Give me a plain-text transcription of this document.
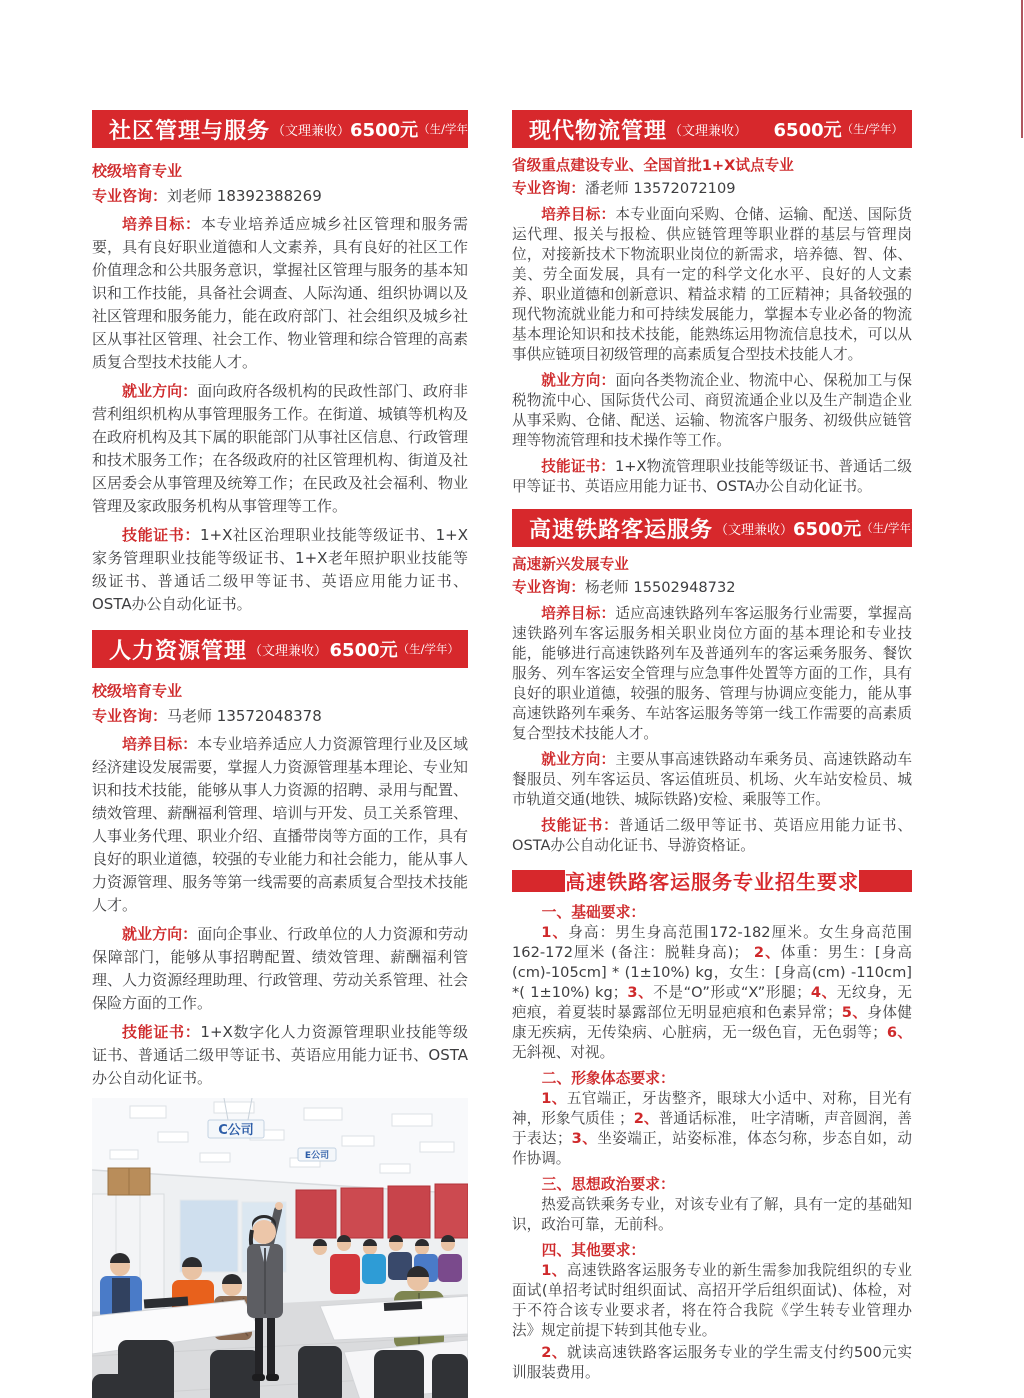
社区管理与服务 （文理兼收） 6500元 （生/学年）

校级培育专业

专业咨询：刘老师 18392388269

培养目标：本专业培养适应城乡社区管理和服务需要，具有良好职业道德和人文素养，具有良好的社区工作价值理念和公共服务意识，掌握社区管理与服务的基本知识和工作技能，具备社会调查、人际沟通、组织协调以及社区管理和服务能力，能在政府部门、社会组织及城乡社区从事社区管理、社会工作、物业管理和综合管理的高素质复合型技术技能人才。

就业方向：面向政府各级机构的民政性部门、政府非营利组织机构从事管理服务工作。在街道、城镇等机构及在政府机构及其下属的职能部门从事社区信息、行政管理和技术服务工作；在各级政府的社区管理机构、街道及社区居委会从事管理及统筹工作；在民政及社会福利、物业管理及家政服务机构从事管理等工作。

技能证书：1+X社区治理职业技能等级证书、1+X家务管理职业技能等级证书、1+X老年照护职业技能等级证书、普通话二级甲等证书、英语应用能力证书、OSTA办公自动化证书。

人力资源管理 （文理兼收） 6500元 （生/学年）

校级培育专业

专业咨询：马老师 13572048378

培养目标：本专业培养适应人力资源管理行业及区域经济建设发展需要，掌握人力资源管理基本理论、专业知识和技术技能，能够从事人力资源的招聘、录用与配置、绩效管理、薪酬福利管理、培训与开发、员工关系管理、人事业务代理、职业介绍、直播带岗等方面的工作，具有良好的职业道德，较强的专业能力和社会能力，能从事人力资源管理、服务等第一线需要的高素质复合型技术技能人才。

就业方向：面向企事业、行政单位的人力资源和劳动保障部门，能够从事招聘配置、绩效管理、薪酬福利管理、人力资源经理助理、行政管理、劳动关系管理、社会保险方面的工作。

技能证书：1+X数字化人力资源管理职业技能等级证书、普通话二级甲等证书、英语应用能力证书、OSTA办公自动化证书。

C公司
E公司
现代物流管理 （文理兼收） 6500元 （生/学年）

省级重点建设专业、全国首批1+X试点专业

专业咨询：潘老师 13572072109

培养目标：本专业面向采购、仓储、运输、配送、国际货运代理、报关与报检、供应链管理等职业群的基层与管理岗位，对接新技术下物流职业岗位的新需求，培养德、智、体、美、劳全面发展，具有一定的科学文化水平、良好的人文素养、职业道德和创新意识、精益求精 的工匠精神；具备较强的现代物流就业能力和可持续发展能力，掌握本专业必备的物流基本理论知识和技术技能，能熟练运用物流信息技术，可以从事供应链项目初级管理的高素质复合型技术技能人才。

就业方向：面向各类物流企业、物流中心、保税加工与保税物流中心、国际货代公司、商贸流通企业以及生产制造企业从事采购、仓储、配送、运输、物流客户服务、初级供应链管理等物流管理和技术操作等工作。

技能证书：1+X物流管理职业技能等级证书、普通话二级甲等证书、英语应用能力证书、OSTA办公自动化证书。

高速铁路客运服务 （文理兼收） 6500元 （生/学年）

高速新兴发展专业

专业咨询：杨老师 15502948732

培养目标：适应高速铁路列车客运服务行业需要，掌握高速铁路列车客运服务相关职业岗位方面的基本理论和专业技能，能够进行高速铁路列车及普通列车的客运乘务服务、餐饮服务、列车客运安全管理与应急事件处置等方面的工作，具有良好的职业道德，较强的服务、管理与协调应变能力，能从事高速铁路列车乘务、车站客运服务等第一线工作需要的高素质复合型技术技能人才。

就业方向：主要从事高速铁路动车乘务员、高速铁路动车餐服员、列车客运员、客运值班员、机场、火车站安检员、城市轨道交通(地铁、城际铁路)安检、乘服等工作。

技能证书：普通话二级甲等证书、英语应用能力证书、OSTA办公自动化证书、导游资格证。

高速铁路客运服务专业招生要求

一、基础要求：

1、身高：男生身高范围172-182厘米。女生身高范围162-172厘米 (备注：脱鞋身高)； 2、体重：男生：[身高(cm)-105cm] * (1±10%) kg，女生：[身高(cm) -110cm] *( 1±10%) kg；3、不是“O”形或“X”形腿；4、无纹身，无疤痕，着夏装时暴露部位无明显疤痕和色素异常；5、身体健康无疾病，无传染病、心脏病，无一级色盲，无色弱等；6、无斜视、对视。

二、形象体态要求：

1、五官端正，牙齿整齐，眼球大小适中、对称，目光有神，形象气质佳 ；2、普通话标准， 吐字清晰，声音圆润，善于表达；3、坐姿端正，站姿标准，体态匀称，步态自如，动作协调。

三、思想政治要求：

热爱高铁乘务专业，对该专业有了解，具有一定的基础知识，政治可靠，无前科。

四、其他要求：

1、高速铁路客运服务专业的新生需参加我院组织的专业面试(单招考试时组织面试、高招开学后组织面试)、体检，对于不符合该专业要求者，将在符合我院《学生转专业管理办法》规定前提下转到其他专业。

2、就读高速铁路客运服务专业的学生需支付约500元实训服装费用。
